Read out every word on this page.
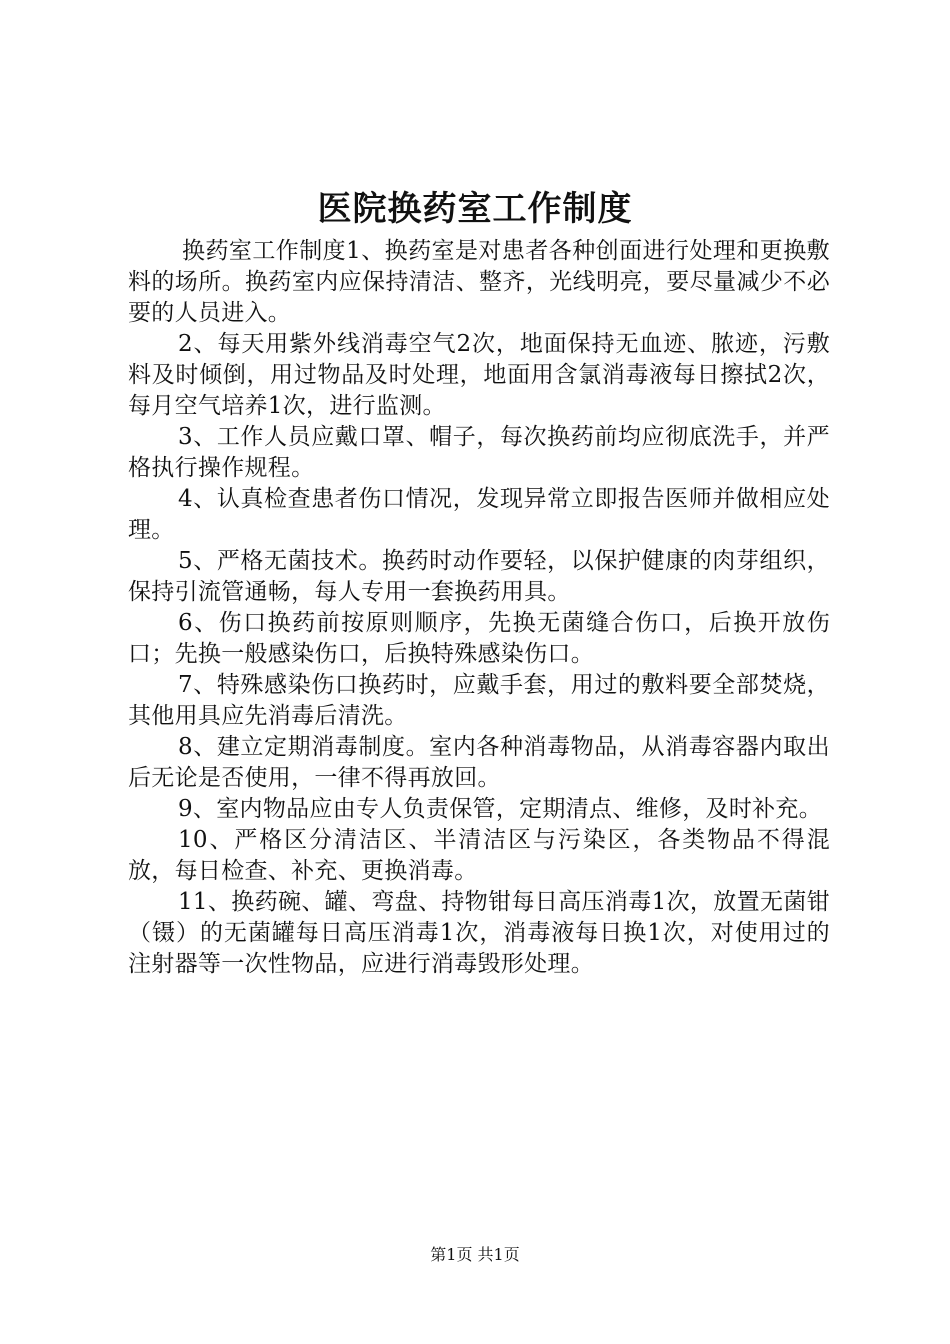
医院换药室工作制度

换药室工作制度1、换药室是对患者各种创面进行处理和更换敷料的场所。换药室内应保持清洁、整齐，光线明亮，要尽量减少不必要的人员进入。

2、每天用紫外线消毒空气2次，地面保持无血迹、脓迹，污敷料及时倾倒，用过物品及时处理，地面用含氯消毒液每日擦拭2次，每月空气培养1次，进行监测。

3、工作人员应戴口罩、帽子，每次换药前均应彻底洗手，并严格执行操作规程。

4、认真检查患者伤口情况，发现异常立即报告医师并做相应处理。

5、严格无菌技术。换药时动作要轻，以保护健康的肉芽组织，保持引流管通畅，每人专用一套换药用具。

6、伤口换药前按原则顺序，先换无菌缝合伤口，后换开放伤口；先换一般感染伤口，后换特殊感染伤口。

7、特殊感染伤口换药时，应戴手套，用过的敷料要全部焚烧，其他用具应先消毒后清洗。

8、建立定期消毒制度。室内各种消毒物品，从消毒容器内取出后无论是否使用，一律不得再放回。

9、室内物品应由专人负责保管，定期清点、维修，及时补充。

10、严格区分清洁区、半清洁区与污染区，各类物品不得混放，每日检查、补充、更换消毒。

11、换药碗、罐、弯盘、持物钳每日高压消毒1次，放置无菌钳（镊）的无菌罐每日高压消毒1次，消毒液每日换1次，对使用过的注射器等一次性物品，应进行消毒毁形处理。

第1页 共1页
